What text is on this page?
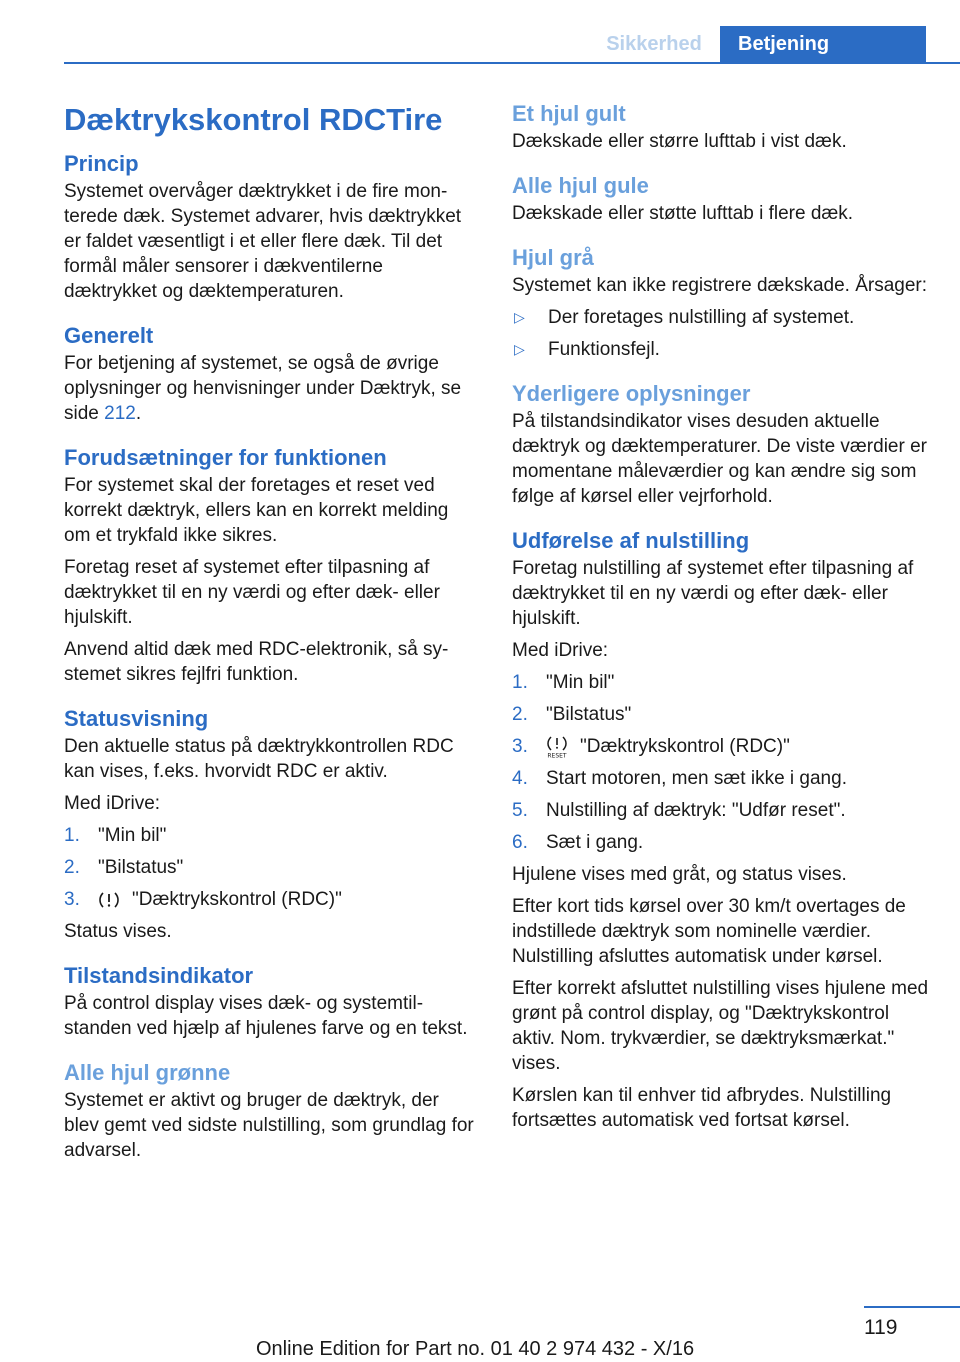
Sikkerhed	Betjening
Dæktrykskontrol RDCTire
Princip

Systemet overvåger dæktrykket i de fire monterede dæk. Systemet advarer, hvis dæktrykket er faldet væsentligt i et eller flere dæk. Til det formål måler sensorer i dækventilerne dæktrykket og dæktemperaturen.

Generelt

For betjening af systemet, se også de øvrige oplysninger og henvisninger under Dæktryk, se side 212.

Forudsætninger for funktionen

For systemet skal der foretages et reset ved korrekt dæktryk, ellers kan en korrekt melding om et trykfald ikke sikres.

Foretag reset af systemet efter tilpasning af dæktrykket til en ny værdi og efter dæk- eller hjulskift.

Anvend altid dæk med RDC-elektronik, så systemet sikres fejlfri funktion.

Statusvisning

Den aktuelle status på dæktrykkontrollen RDC kan vises, f.eks. hvorvidt RDC er aktiv.

Med iDrive:

1. "Min bil"
2. "Bilstatus"
3.	"Dæktrykskontrol (RDC)"

Status vises.

Tilstandsindikator

På control display vises dæk- og systemtilstanden ved hjælp af hjulenes farve og en tekst.

Alle hjul grønne

Systemet er aktivt og bruger de dæktryk, der blev gemt ved sidste nulstilling, som grundlag for advarsel.

Et hjul gult

Dækskade eller større lufttab i vist dæk.

Alle hjul gule

Dækskade eller støtte lufttab i flere dæk.

Hjul grå

Systemet kan ikke registrere dækskade. Årsager:

▷	Der foretages nulstilling af systemet.
▷	Funktionsfejl.
Yderligere oplysninger

På tilstandsindikator vises desuden aktuelle dæktryk og dæktemperaturer. De viste værdier er momentane måleværdier og kan ændre sig som følge af kørsel eller vejrforhold.

Udførelse af nulstilling

Foretag nulstilling af systemet efter tilpasning af dæktrykket til en ny værdi og efter dæk- eller hjulskift.

Med iDrive:

1. "Min bil"
2. "Bilstatus"
3.	RESET "Dæktrykskontrol (RDC)"
4. Start motoren, men sæt ikke i gang.
5. Nulstilling af dæktryk: "Udfør reset".
6. Sæt i gang.

Hjulene vises med gråt, og status vises.

Efter kort tids kørsel over 30 km/t overtages de indstillede dæktryk som nominelle værdier. Nulstilling afsluttes automatisk under kørsel.

Efter korrekt afsluttet nulstilling vises hjulene med grønt på control display, og "Dæktrykskontrol aktiv. Nom. trykværdier, se dæktryksmærkat." vises.

Kørslen kan til enhver tid afbrydes. Nulstilling fortsættes automatisk ved fortsat kørsel.

119
Online Edition for Part no. 01 40 2 974 432 - X/16
